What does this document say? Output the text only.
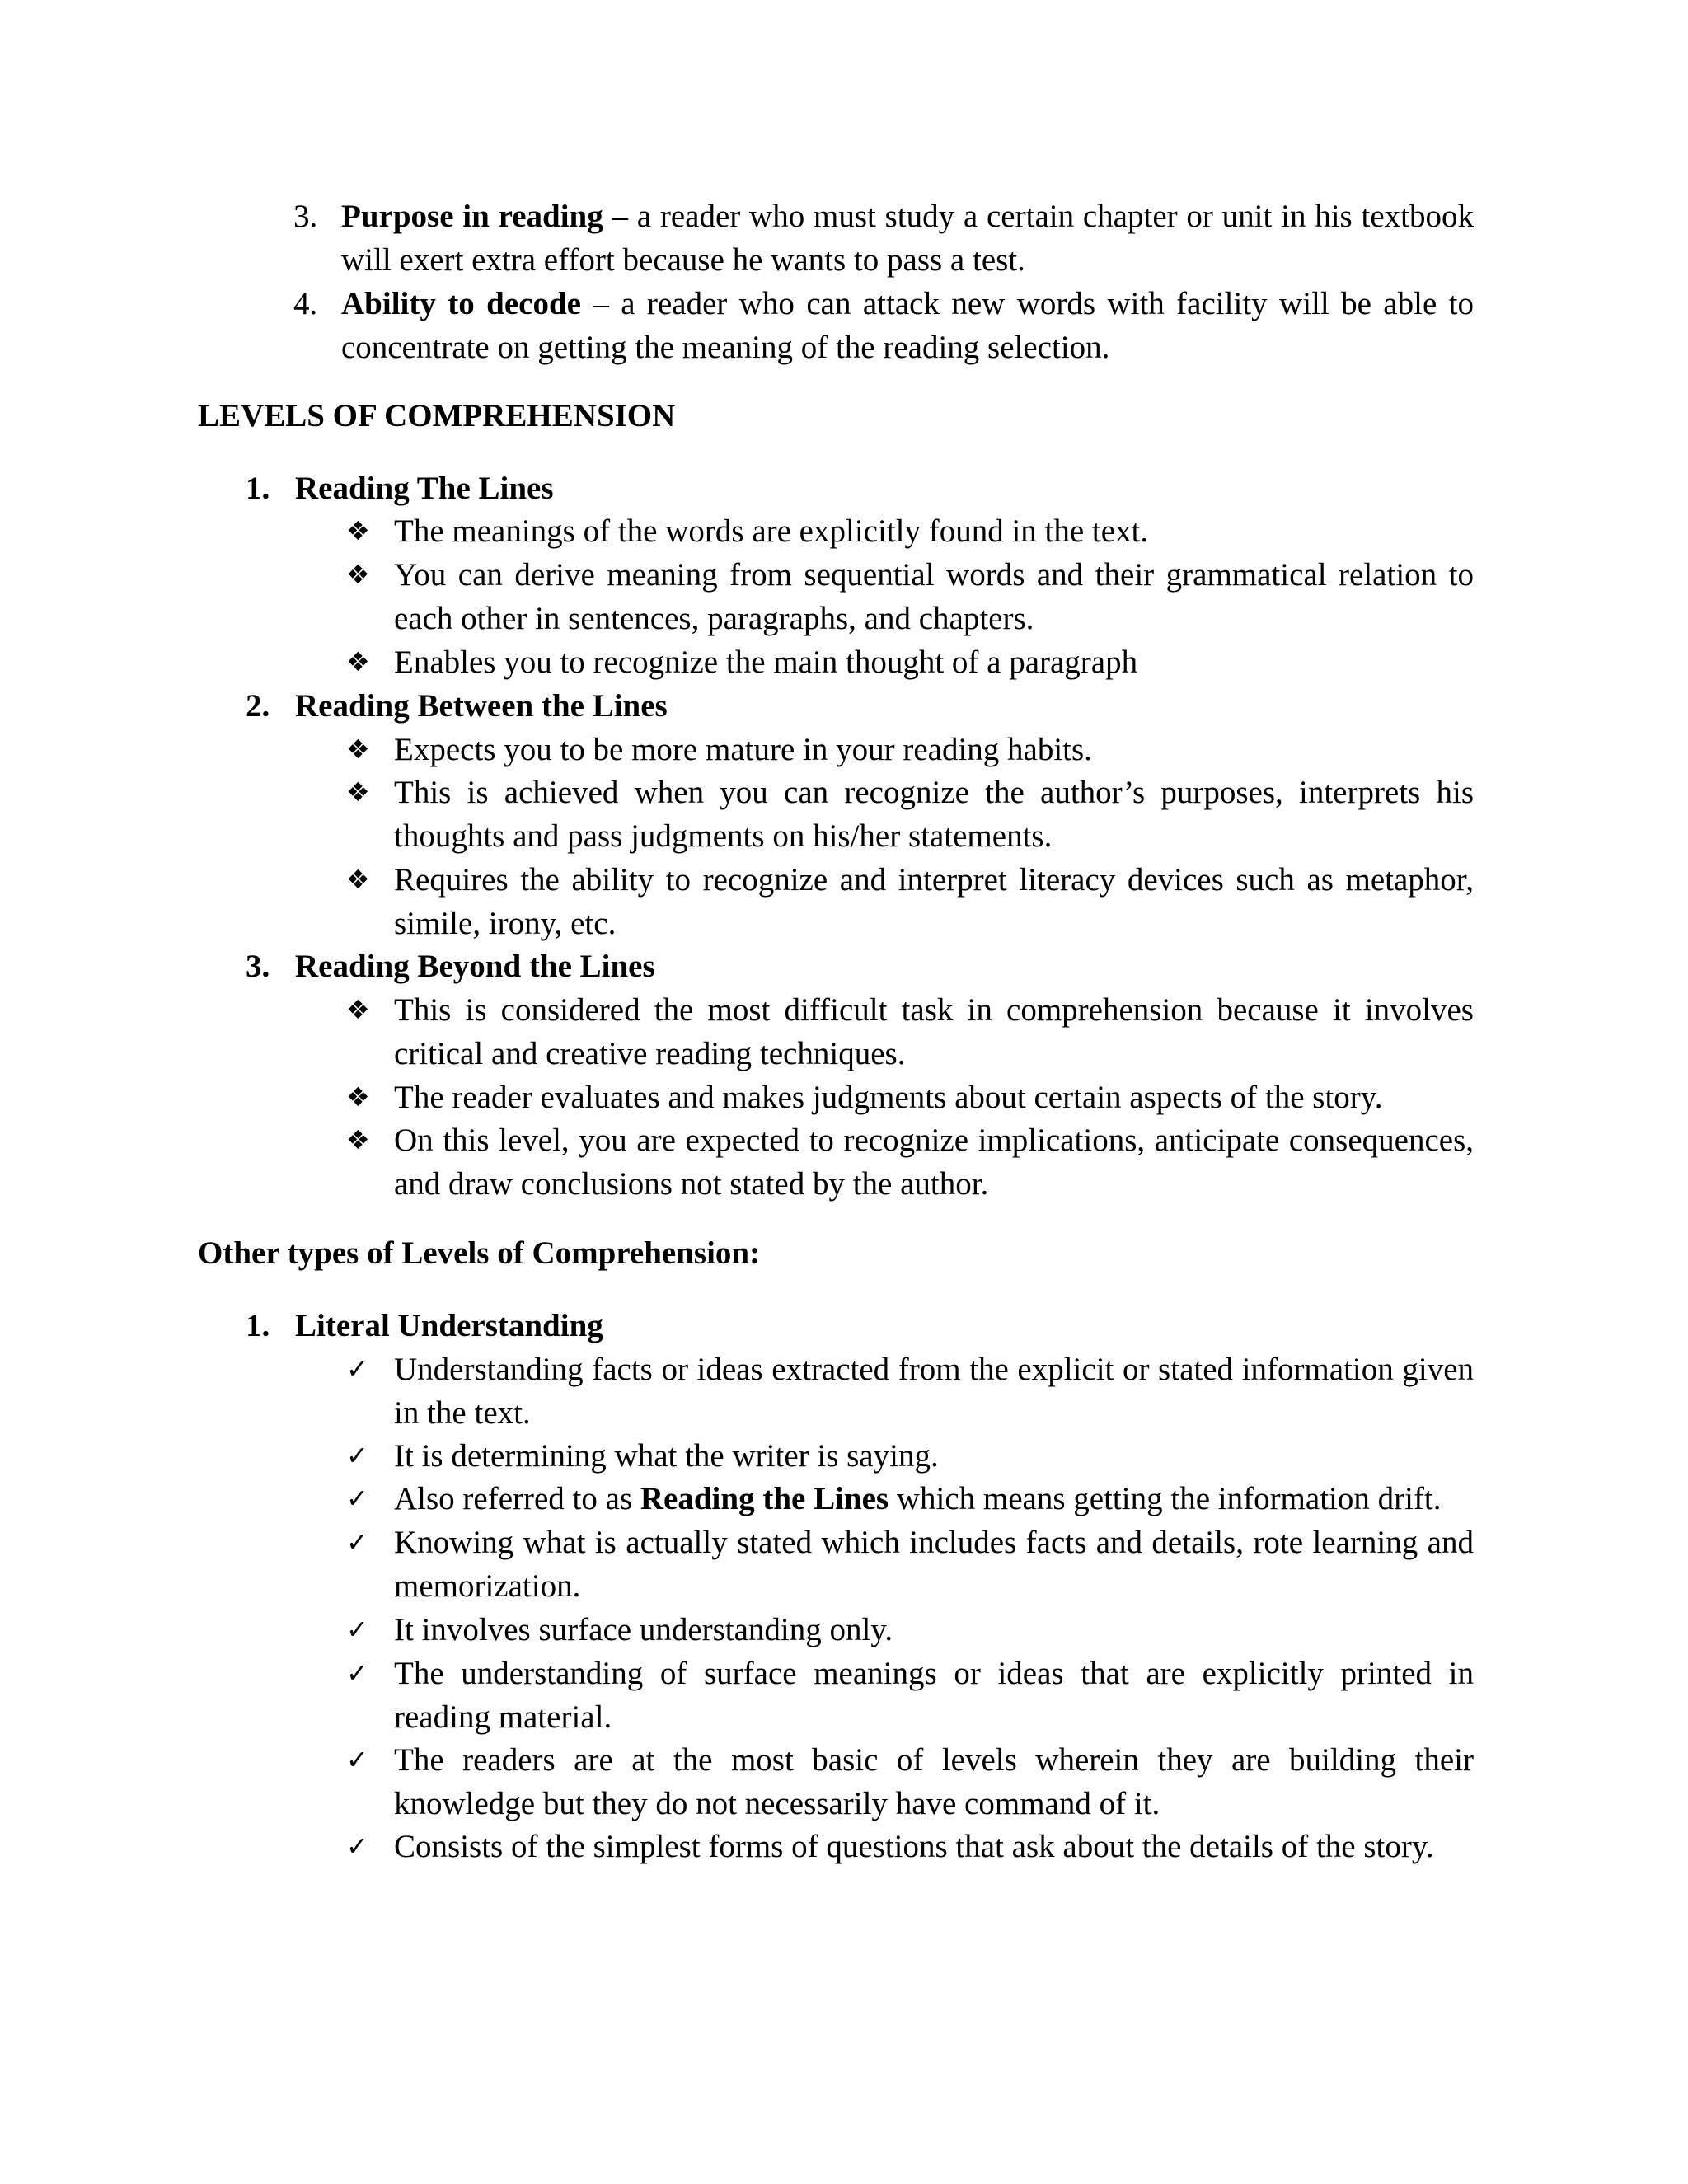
3. Purpose in reading – a reader who must study a certain chapter or unit in his textbook will exert extra effort because he wants to pass a test.
4. Ability to decode – a reader who can attack new words with facility will be able to concentrate on getting the meaning of the reading selection.
LEVELS OF COMPREHENSION
1. Reading The Lines
❖ The meanings of the words are explicitly found in the text.
❖ You can derive meaning from sequential words and their grammatical relation to each other in sentences, paragraphs, and chapters.
❖ Enables you to recognize the main thought of a paragraph
2. Reading Between the Lines
❖ Expects you to be more mature in your reading habits.
❖ This is achieved when you can recognize the author’s purposes, interprets his thoughts and pass judgments on his/her statements.
❖ Requires the ability to recognize and interpret literacy devices such as metaphor, simile, irony, etc.
3. Reading Beyond the Lines
❖ This is considered the most difficult task in comprehension because it involves critical and creative reading techniques.
❖ The reader evaluates and makes judgments about certain aspects of the story.
❖ On this level, you are expected to recognize implications, anticipate consequences, and draw conclusions not stated by the author.
Other types of Levels of Comprehension:
1. Literal Understanding
✓ Understanding facts or ideas extracted from the explicit or stated information given in the text.
✓ It is determining what the writer is saying.
✓ Also referred to as Reading the Lines which means getting the information drift.
✓ Knowing what is actually stated which includes facts and details, rote learning and memorization.
✓ It involves surface understanding only.
✓ The understanding of surface meanings or ideas that are explicitly printed in reading material.
✓ The readers are at the most basic of levels wherein they are building their knowledge but they do not necessarily have command of it.
✓ Consists of the simplest forms of questions that ask about the details of the story.
